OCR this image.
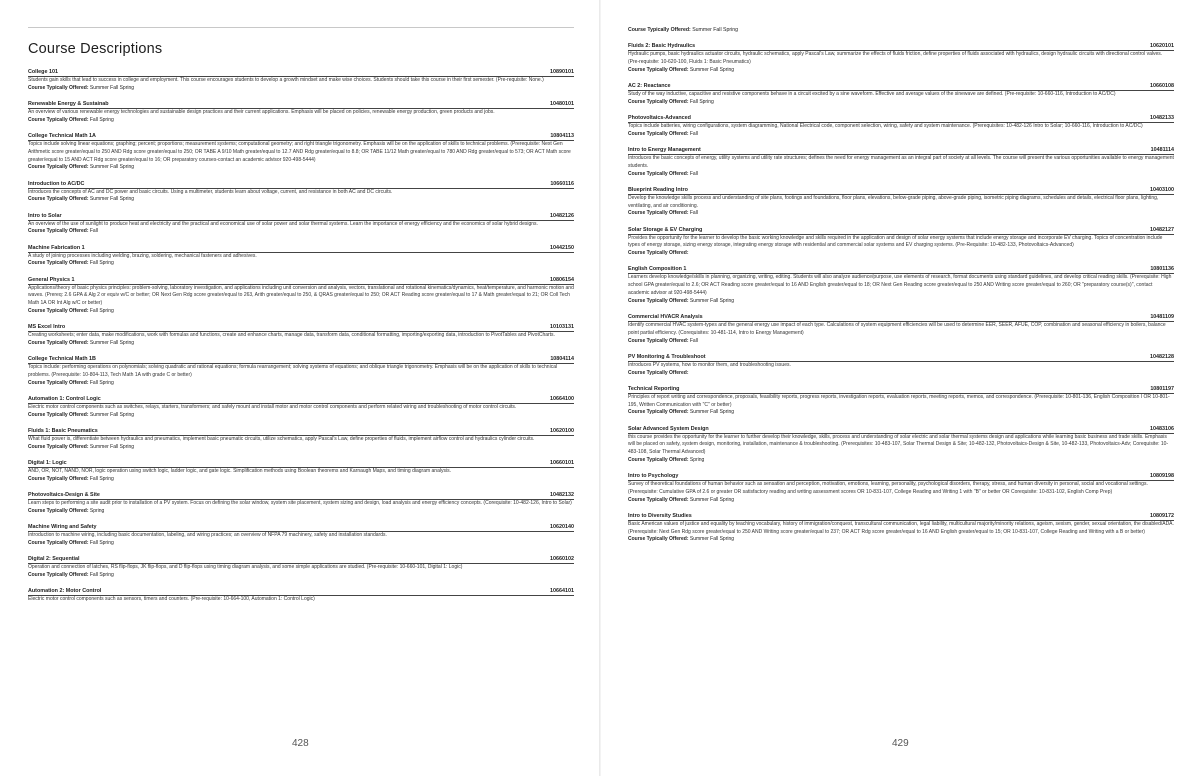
Course Descriptions
College 101	10890101
Students gain skills that lead to success in college and employment. This course encourages students to develop a growth mindset and make wise choices. Students should take this course in their first semester. (Pre-requisite: None.)
Course Typically Offered: Summer Fall Spring
Renewable Energy & Sustainab	10480101
An overview of various renewable energy technologies and sustainable design practices and their current applications. Emphasis will be placed on policies, renewable energy production, green products and jobs.
Course Typically Offered: Fall Spring
College Technical Math 1A	10804113
Topics include solving linear equations; graphing; percent; proportions; measurement systems; computational geometry; and right triangle trigonometry. Emphasis will be on the application of skills to technical problems. (Prerequisite: Next Gen Arithmetic score greater/equal to 250 AND Rdg score greater/equal to 250; OR TABE A 9/10 Math greater/equal to 12.7 AND Rdg greater/equal to 8.8; OR TABE 11/12 Math greater/equal to 780 AND Rdg greater/equal to 573; OR ACT Math score greater/equal to 15 AND ACT Rdg score greater/equal to 16; OR preparatory courses-contact an academic advisor 920-498-5444)
Course Typically Offered: Summer Fall Spring
Introduction to AC/DC	10660116
Introduces the concepts of AC and DC power and basic circuits. Using a multimeter, students learn about voltage, current, and resistance in both AC and DC circuits.
Course Typically Offered: Summer Fall Spring
Intro to Solar	10482126
An overview of the use of sunlight to produce heat and electricity and the practical and economical use of solar power and solar thermal systems. Learn the importance of energy efficiency and the economics of solar hybrid designs.
Course Typically Offered: Fall
Machine Fabrication 1	10442150
A study of joining processes including welding, brazing, soldering, mechanical fasteners and adhesives.
Course Typically Offered: Fall Spring
General Physics 1	10806154
Applications/theory of basic physics principles: problem-solving, laboratory investigation, and applications including unit conversion and analysis, vectors, translational and rotational kinematics/dynamics, heat/temperature, and harmonic motion and waves. (Prereq: 2.6 GPA & Alg 2 or equiv w/C or better; OR Next Gen Rdg score greater/equal to 263, Arith greater/equal to 250, & QRAS greater/equal to 250; OR ACT Reading score greater/equal to 17 & Math greater/equal to 21; OR Coll Tech Math 1A OR Int Alg w/C or better)
Course Typically Offered: Fall Spring
MS Excel Intro	10103131
Creating worksheets; enter data, make modifications, work with formulas and functions, create and enhance charts, manage data, transform data, conditional formatting, importing/exporting data, introduction to PivotTables and PivotCharts.
Course Typically Offered: Summer Fall Spring
College Technical Math 1B	10804114
Topics include: performing operations on polynomials; solving quadratic and rational equations; formula rearrangement; solving systems of equations; and oblique triangle trigonometry. Emphasis will be on the application of skills to technical problems. (Prerequisite: 10-804-113, Tech Math 1A with grade C or better)
Course Typically Offered: Fall Spring
Automation 1: Control Logic	10664100
Electric motor control components such as switches, relays, starters, transformers; and safely mount and install motor and motor control components and perform related wiring and troubleshooting of motor control circuits.
Course Typically Offered: Summer Fall Spring
Fluids 1: Basic Pneumatics	10620100
What fluid power is, differentiate between hydraulics and pneumatics, implement basic pneumatic circuits, utilize schematics, apply Pascal's Law, define properties of fluids, implement airflow control and hydraulics cylinder circuits.
Course Typically Offered: Summer Fall Spring
Digital 1: Logic	10660101
AND, OR, NOT, NAND, NOR, logic operation using switch logic, ladder logic, and gate logic. Simplification methods using Boolean theorems and Karnaugh Maps, and timing diagram analysis.
Course Typically Offered: Fall Spring
Photovoltaics-Design & Site	10482132
Learn steps to performing a site audit prior to installation of a PV system. Focus on defining the solar window, system site placement, system sizing and design, load analysis and energy efficiency concepts. (Corequisite: 10-482-126, Intro to Solar)
Course Typically Offered: Spring
Machine Wiring and Safety	10620140
Introduction to machine wiring, including basic documentation, labeling, and wiring practices; an overview of NFPA 79 machinery, safety and installation standards.
Course Typically Offered: Fall Spring
Digital 2: Sequential	10660102
Operation and connection of latches, RS flip-flops, JK flip-flops, and D flip-flops using timing diagram analysis, and some simple applications are studied. (Pre-requisite: 10-660-101, Digital 1: Logic)
Course Typically Offered: Fall Spring
Automation 2: Motor Control	10664101
Electric motor control components such as sensors, timers and counters. (Pre-requisite: 10-664-100, Automation 1: Control Logic)
428
Course Typically Offered: Summer Fall Spring
Fluids 2: Basic Hydraulics	10620101
Hydraulic pumps, basic hydraulics actuator circuits, hydraulic schematics, apply Pascal's Law, summarize the effects of fluids friction, define properties of fluids associated with hydraulics, design hydraulic circuits with directional control valves. (Pre-requisite: 10-620-100, Fluids 1: Basic Pneumatics)
Course Typically Offered: Summer Fall Spring
AC 2: Reactance	10660108
Study of the way inductive, capacitive and resistive components behave in a circuit excited by a sine waveform. Effective and average values of the sinewave are defined. (Pre-requisite: 10-660-116, Introduction to AC/DC)
Course Typically Offered: Fall Spring
Photovoltaics-Advanced	10482133
Topics include batteries, wiring configurations, system diagramming, National Electrical code, component selection, wiring, safety and system maintenance. (Prerequisites: 10-482-126 Intro to Solar; 10-660-116, Introduction to AC/DC)
Course Typically Offered: Fall
Intro to Energy Management	10481114
Introduces the basic concepts of energy, utility systems and utility rate structures; defines the need for energy management as an integral part of society at all levels. The course will present the various opportunities available to energy management students.
Course Typically Offered: Fall
Blueprint Reading Intro	10403100
Develop the knowledge skills process and understanding of site plans, footings and foundations, floor plans, elevations, below-grade piping, above-grade piping, isometric piping diagrams, schedules and details, electrical floor plans, lighting, ventilating, and air conditioning.
Course Typically Offered: Fall
Solar Storage & EV Charging	10482127
Provides the opportunity for the learner to develop the basic working knowledge and skills required in the application and design of solar energy systems that include energy storage and incorporate EV charging. Topics of concentration include types of energy storage, sizing energy storage, integrating energy storage with residential and commercial solar systems and EV charging systems. (Pre-Requisite: 10-482-133, Photovoltaics-Advanced)
Course Typically Offered:
English Composition 1	10801136
Learners develop knowledge/skills in planning, organizing, writing, editing. Students will also analyze audience/purpose, use elements of research, format documents using standard guidelines, and develop critical reading skills. (Prerequisite: High school GPA greater/equal to 2.6; OR ACT Reading score greater/equal to 16 AND English greater/equal to 18; OR Next Gen Reading score greater/equal to 250 AND Writing score greater/equal to 260; OR "preparatory course(s)", contact academic advisor at 920-498-5444)
Course Typically Offered: Summer Fall Spring
Commercial HVACR Analysis	10481109
Identify commercial HVAC system-types and the general energy use impact of each type. Calculations of system equipment efficiencies will be used to determine EER, SEER, AFUE, COP, combination and seasonal efficiency in boilers, balance point partial efficiency. (Corequisites: 10-481-114, Intro to Energy Management)
Course Typically Offered: Fall
PV Monitoring & Troubleshoot	10482128
Introduces PV systems, how to monitor them, and troubleshooting issues.
Course Typically Offered:
Technical Reporting	10801197
Principles of report writing and correspondence, proposals, feasibility reports, progress reports, investigation reports, evaluation reports, meeting reports, memos, and correspondence. (Prerequisite: 10-801-136, English Composition I OR 10-801-195, Written Communication with "C" or better)
Course Typically Offered: Summer Fall Spring
Solar Advanced System Design	10483106
this course provides the opportunity for the learner to further develop their knowledge, skills, process and understanding of solar electric and solar thermal systems design and applications while learning basic business and trade skills. Emphasis will be placed on safety, system design, monitoring, installation, maintenance & troubleshooting. (Prerequisites: 10-483-107, Solar Thermal Design & Site; 10-482-132, Photovoltaics-Design & Site, 10-482-133, Photovoltaics-Adv; Corequisite: 10-483-108, Solar Thermal Advanced)
Course Typically Offered: Spring
Intro to Psychology	10809198
Survey of theoretical foundations of human behavior such as sensation and perception, motivation, emotions, learning, personality, psychological disorders, therapy, stress, and human diversity in personal, social and vocational settings. (Prerequisite: Cumulative GPA of 2.6 or greater OR satisfactory reading and writing assessment scores OR 10-831-107, College Reading and Writing 1 with "B" or better OR Corequisite: 10-831-102, English Comp Prep)
Course Typically Offered: Summer Fall Spring
Intro to Diversity Studies	10809172
Basic American values of justice and equality by teaching vocabulary, history of immigration/conquest, transcultural communication, legal liability, multicultural majority/minority relations, ageism, sexism, gender, sexual orientation, the disabled/ADA. (Prerequisite: Next Gen Rdg score greater/equal to 250 AND Writing score greater/equal to 237; OR ACT Rdg score greater/equal to 16 AND English greater/equal to 15; OR 10-831-107, College Reading and Writing with a B or better)
Course Typically Offered: Summer Fall Spring
429
